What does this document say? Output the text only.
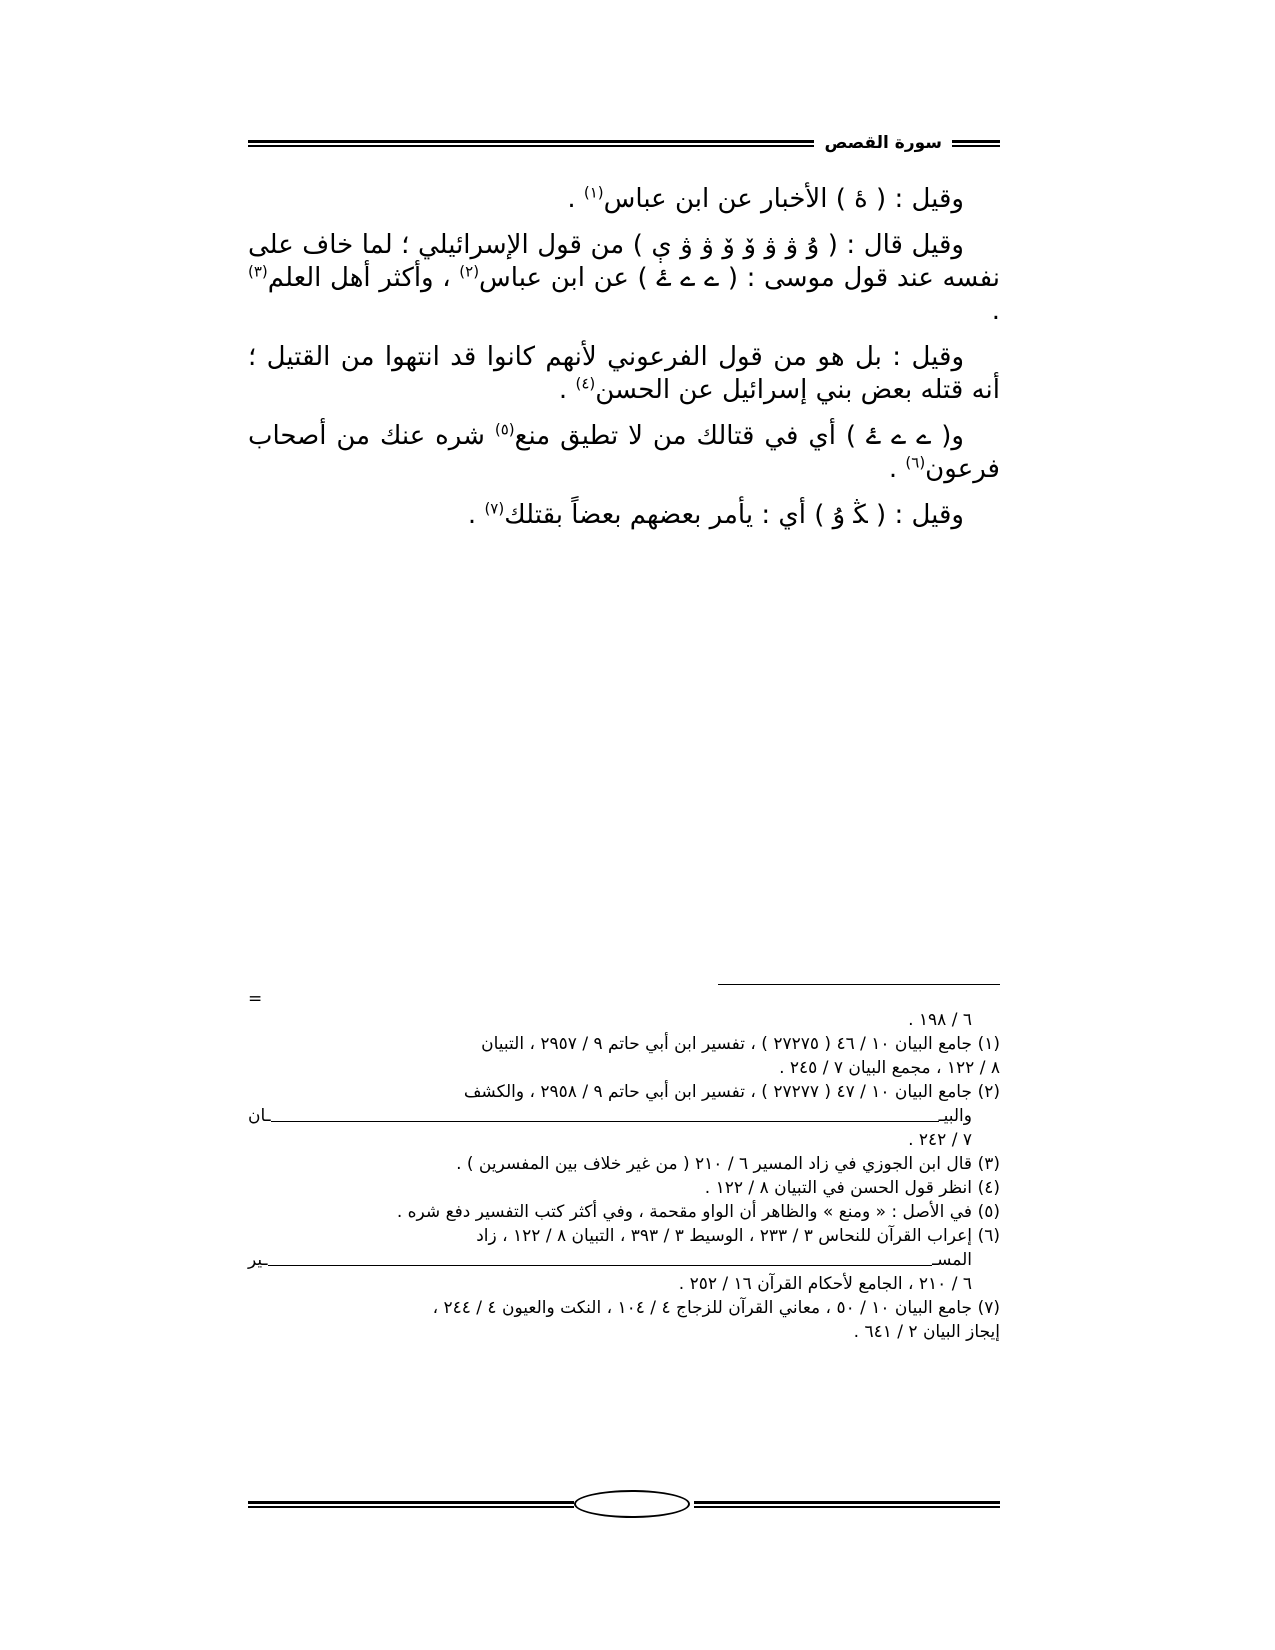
سورة القصص

وقيل : ( ۀ ) الأخبار عن ابن عباس$^{(١)}$ .

وقيل قال : ( ۇ ۋ ۋ ۆ ۆ ۋ ۋ ې ) من قول الإسرائيلي ؛ لما خاف على نفسه عند قول موسى : ( ے ے ۓ ) عن ابن عباس$^{(٢)}$ ، وأكثر أهل العلم$^{(٣)}$ .

وقيل : بل هو من قول الفرعوني لأنهم كانوا قد انتهوا من القتيل ؛ أنه قتله بعض بني إسرائيل عن الحسن$^{(٤)}$ .

و( ے ے ۓ ) أي في قتالك من لا تطيق منع$^{(٥)}$ شره عنك من أصحاب فرعون$^{(٦)}$ .

وقيل : ( ﯖ ﯗ ) أي : يأمر بعضهم بعضاً بقتلك$^{(٧)}$ .

=
٦ / ١٩٨ .
(١)جامع البيان ١٠ / ٤٦ ( ٢٧٢٧٥ ) ، تفسير ابن أبي حاتم ٩ / ٢٩٥٧ ، التبيان
٨ / ١٢٢ ، مجمع البيان ٧ / ٢٤٥ .
(٢)جامع البيان ١٠ / ٤٧ ( ٢٧٢٧٧ ) ، تفسير ابن أبي حاتم ٩ / ٢٩٥٨ ، والكشف
والبيـ
ـان
٧ / ٢٤٢ .
(٣)قال ابن الجوزي في زاد المسير ٦ / ٢١٠ ( من غير خلاف بين المفسرين ) .
(٤)انظر قول الحسن في التبيان ٨ / ١٢٢ .
(٥)في الأصل : « ومنع » والظاهر أن الواو مقحمة ، وفي أكثر كتب التفسير دفع شره .
(٦)إعراب القرآن للنحاس ٣ / ٢٣٣ ، الوسيط ٣ / ٣٩٣ ، التبيان ٨ / ١٢٢ ، زاد
المسـ
ـير
٦ / ٢١٠ ، الجامع لأحكام القرآن ١٦ / ٢٥٢ .
(٧)جامع البيان ١٠ / ٥٠ ، معاني القرآن للزجاج ٤ / ١٠٤ ، النكت والعيون ٤ / ٢٤٤ ،
إيجاز البيان ٢ / ٦٤١ .
